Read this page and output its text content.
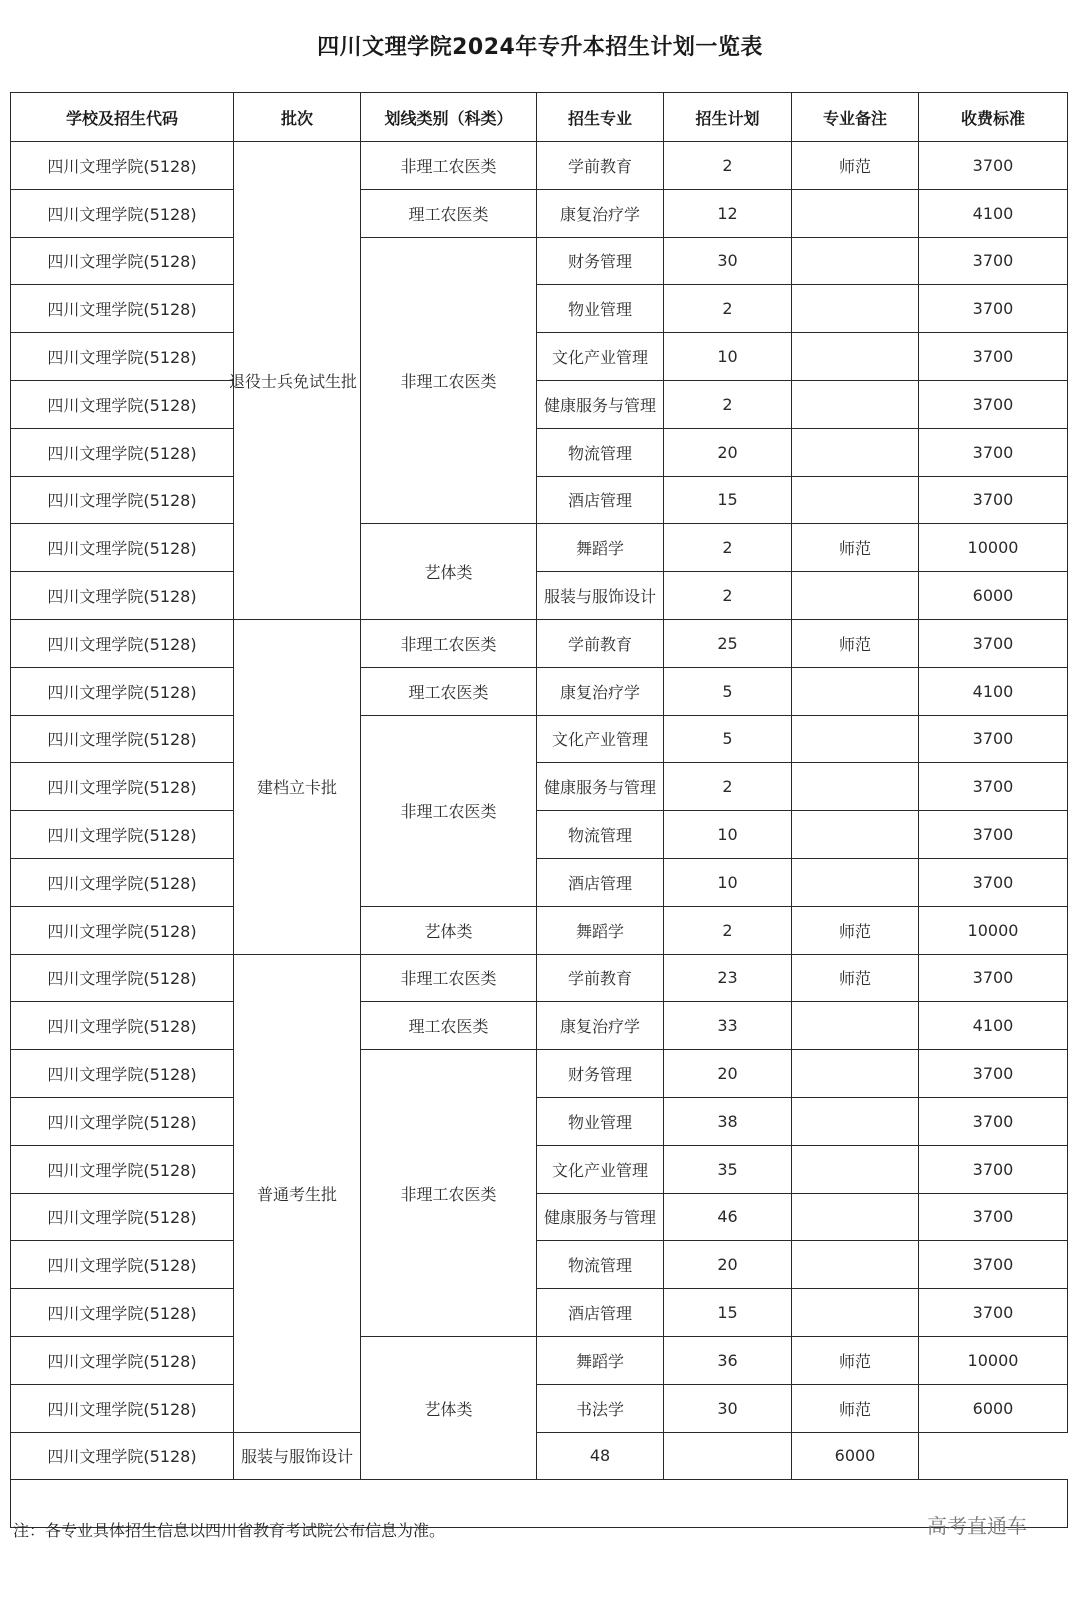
四川文理学院2024年专升本招生计划一览表
学校及招生代码	批次	划线类别（科类）	招生专业	招生计划	专业备注	收费标准
四川文理学院(5128)	退役士兵免试生批	非理工农医类	学前教育	2	师范	3700
四川文理学院(5128)		理工农医类	康复治疗学	12		4100
四川文理学院(5128)		非理工农医类	财务管理	30		3700
四川文理学院(5128)			物业管理	2		3700
四川文理学院(5128)			文化产业管理	10		3700
四川文理学院(5128)			健康服务与管理	2		3700
四川文理学院(5128)			物流管理	20		3700
四川文理学院(5128)			酒店管理	15		3700
四川文理学院(5128)		艺体类	舞蹈学	2	师范	10000
四川文理学院(5128)			服装与服饰设计	2		6000
四川文理学院(5128)	建档立卡批	非理工农医类	学前教育	25	师范	3700
四川文理学院(5128)		理工农医类	康复治疗学	5		4100
四川文理学院(5128)		非理工农医类	文化产业管理	5		3700
四川文理学院(5128)			健康服务与管理	2		3700
四川文理学院(5128)			物流管理	10		3700
四川文理学院(5128)			酒店管理	10		3700
四川文理学院(5128)		艺体类	舞蹈学	2	师范	10000
四川文理学院(5128)	普通考生批	非理工农医类	学前教育	23	师范	3700
四川文理学院(5128)		理工农医类	康复治疗学	33		4100
四川文理学院(5128)		非理工农医类	财务管理	20		3700
四川文理学院(5128)			物业管理	38		3700
四川文理学院(5128)			文化产业管理	35		3700
四川文理学院(5128)			健康服务与管理	46		3700
四川文理学院(5128)			物流管理	20		3700
四川文理学院(5128)			酒店管理	15		3700
四川文理学院(5128)		艺体类	舞蹈学	36	师范	10000
四川文理学院(5128)			书法学	30	师范	6000
四川文理学院(5128)	服装与服饰设计		48		6000	

注：各专业具体招生信息以四川省教育考试院公布信息为准。 高考直通车						
